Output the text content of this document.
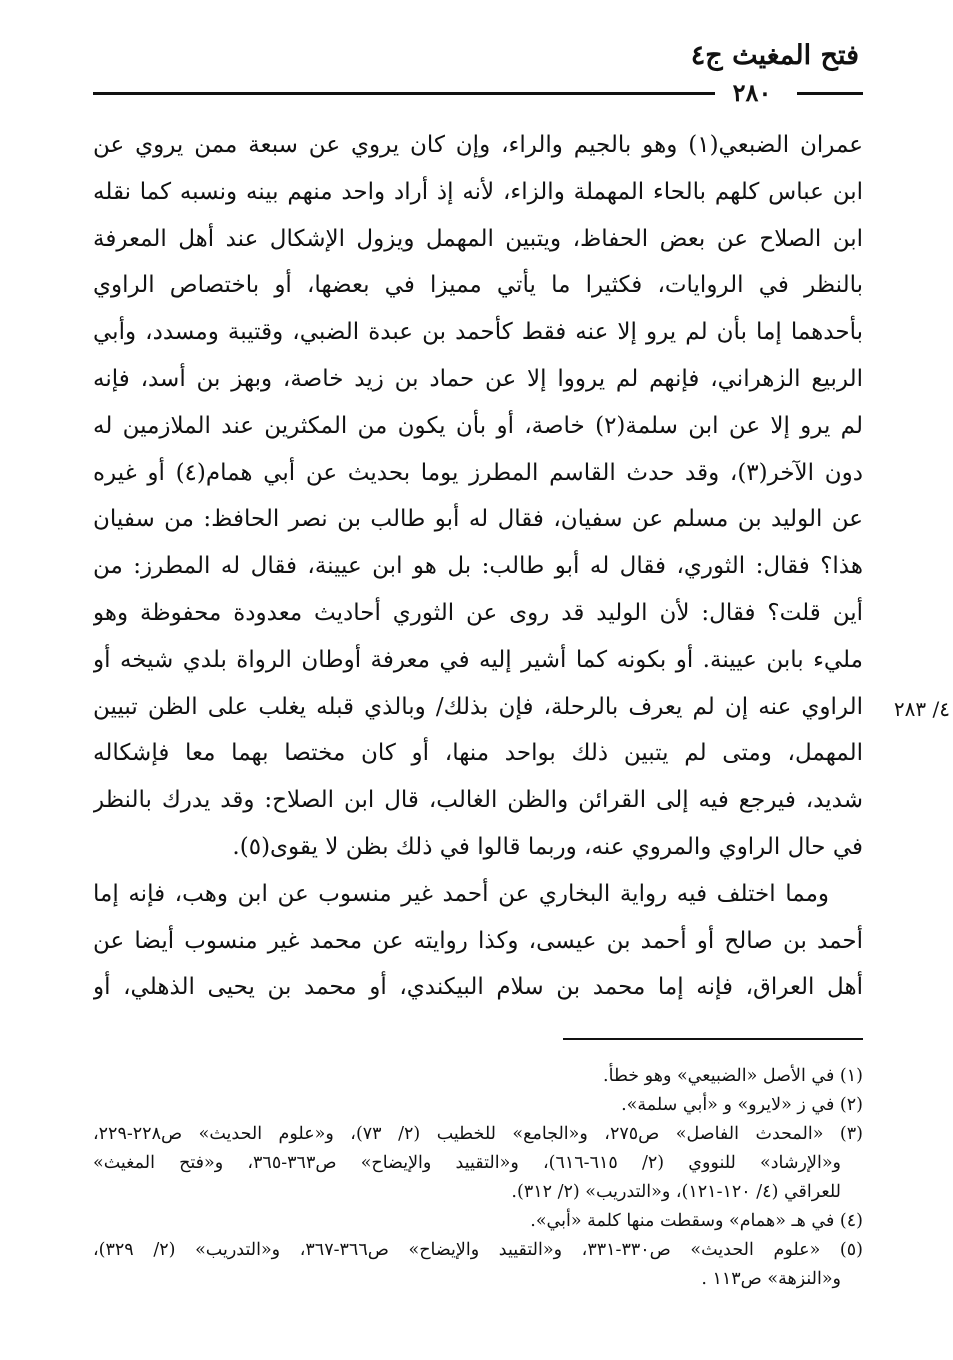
فتح المغيث ج٤
٢٨٠
عمران الضبعي(١) وهو بالجيم والراء، وإن كان يروي عن سبعة ممن يروي عن
ابن عباس كلهم بالحاء المهملة والزاء، لأنه إذ أراد واحد منهم بينه ونسبه كما نقله
ابن الصلاح عن بعض الحفاظ، ويتبين المهمل ويزول الإشكال عند أهل المعرفة
بالنظر في الروايات، فكثيرا ما يأتي مميزا في بعضها، أو باختصاص الراوي
بأحدهما إما بأن لم يرو إلا عنه فقط كأحمد بن عبدة الضبي، وقتيبة ومسدد، وأبي
الربيع الزهراني، فإنهم لم يرووا إلا عن حماد بن زيد خاصة، وبهز بن أسد، فإنه
لم يرو إلا عن ابن سلمة(٢) خاصة، أو بأن يكون من المكثرين عند الملازمين له
دون الآخر(٣)، وقد حدث القاسم المطرز يوما بحديث عن أبي همام(٤) أو غيره
عن الوليد بن مسلم عن سفيان، فقال له أبو طالب بن نصر الحافظ: من سفيان
هذا؟ فقال: الثوري، فقال له أبو طالب: بل هو ابن عيينة، فقال له المطرز: من
أين قلت؟ فقال: لأن الوليد قد روى عن الثوري أحاديث معدودة محفوظة وهو
مليء بابن عيينة. أو بكونه كما أشير إليه في معرفة أوطان الرواة بلدي شيخه أو
الراوي عنه إن لم يعرف بالرحلة، فإن بذلك/ وبالذي قبله يغلب على الظن تبيين
المهمل، ومتى لم يتبين ذلك بواحد منها، أو كان مختصا بهما معا فإشكاله
شديد، فيرجع فيه إلى القرائن والظن الغالب، قال ابن الصلاح: وقد يدرك بالنظر
في حال الراوي والمروي عنه، وربما قالوا في ذلك بظن لا يقوى(٥).
ومما اختلف فيه رواية البخاري عن أحمد غير منسوب عن ابن وهب، فإنه إما
أحمد بن صالح أو أحمد بن عيسى، وكذا روايته عن محمد غير منسوب أيضا عن
أهل العراق، فإنه إما محمد بن سلام البيكندي، أو محمد بن يحيى الذهلي، أو
٤/ ٢٨٣
(١) في الأصل «الضبيعي» وهو خطأ.
(٢) في ز «لايرو» و «أبي سلمة».
(٣) «المحدث الفاصل» ص٢٧٥، و«الجامع» للخطيب (٢/ ٧٣)، و«علوم الحديث» ص٢٢٨-٢٢٩،
و«الإرشاد» للنووي (٢/ ٦١٥-٦١٦)، و«التقييد والإيضاح» ص٣٦٣-٣٦٥، و«فتح المغيث»
للعراقي (٤/ ١٢٠-١٢١)، و«التدريب» (٢/ ٣١٢).
(٤) في هـ «همام» وسقطت منها كلمة «أبي».
(٥) «علوم الحديث» ص٣٣٠-٣٣١، و«التقييد والإيضاح» ص٣٦٦-٣٦٧، و«التدريب» (٢/ ٣٢٩)،
و«النزهة» ص١١٣ .
